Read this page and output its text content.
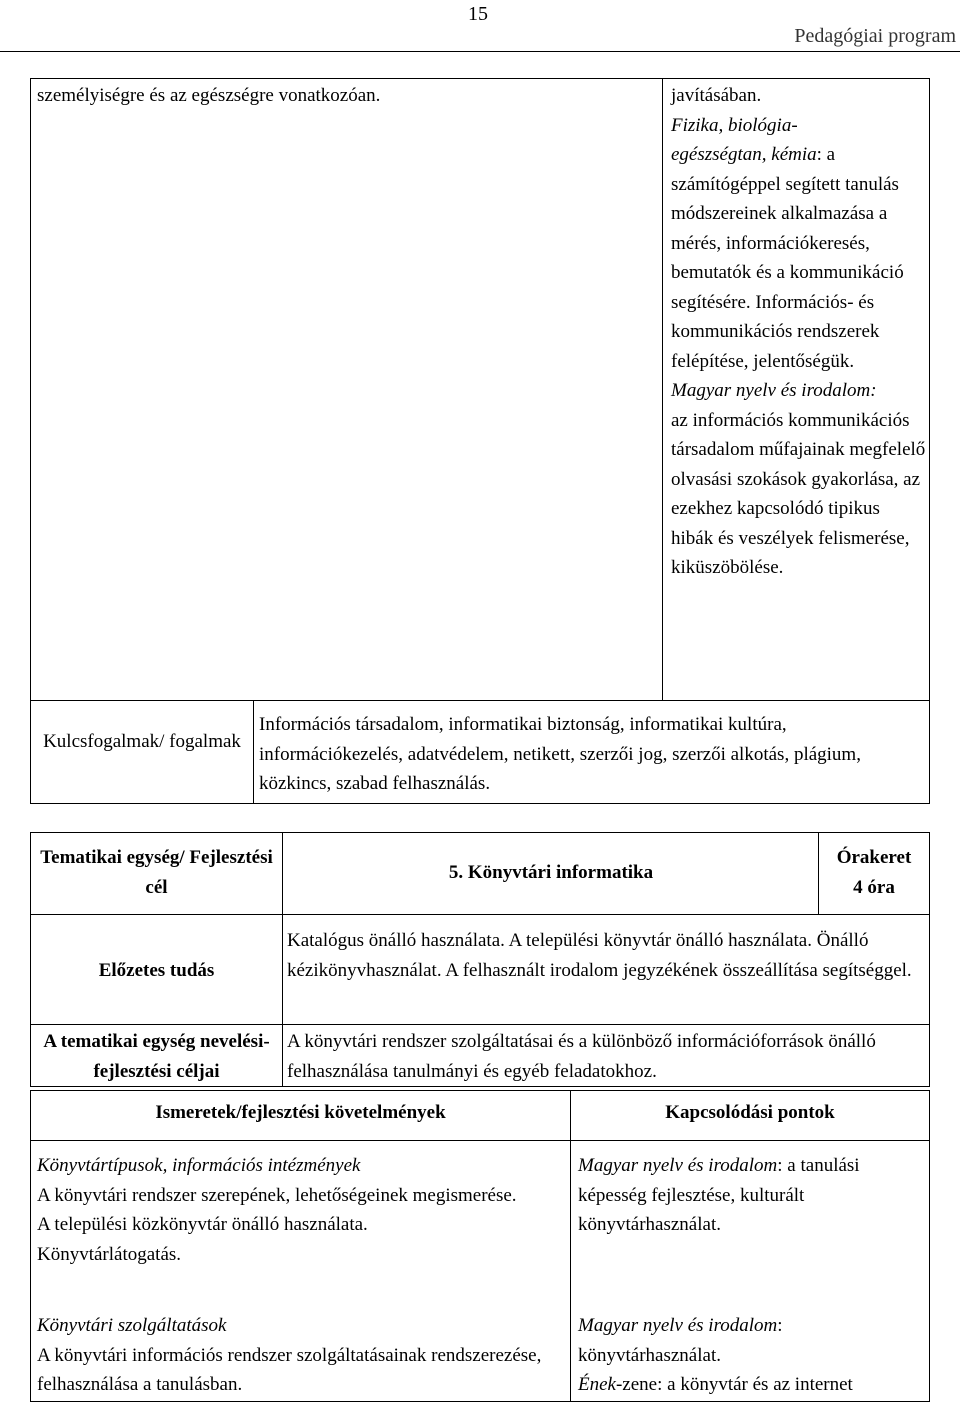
15
Pedagógiai program
személyiségre és az egészségre vonatkozóan.	javításában.
Fizika, biológia-
egészségtan, kémia: a
számítógéppel segített tanulás módszereinek alkalmazása a mérés, információkeresés, bemutatók és a kommunikáció segítésére. Információs- és kommunikációs rendszerek felépítése, jelentőségük.
Magyar nyelv és irodalom:
az információs kommunikációs társadalom műfajainak megfelelő olvasási szokások gyakorlása, az ezekhez kapcsolódó tipikus hibák és veszélyek felismerése, kiküszöbölése.
Kulcsfogalmak/ fogalmak
Információs társadalom, informatikai biztonság, informatikai kultúra, információkezelés, adatvédelem, netikett, szerzői jog, szerzői alkotás, plágium, közkincs, szabad felhasználás.
Tematikai egység/ Fejlesztési cél
5. Könyvtári informatika
Órakeret
4 óra
Előzetes tudás
Katalógus önálló használata. A települési könyvtár önálló használata. Önálló kézikönyvhasználat. A felhasznált irodalom jegyzékének összeállítása segítséggel.
A tematikai egység nevelési-fejlesztési céljai
A könyvtári rendszer szolgáltatásai és a különböző információforrások önálló felhasználása tanulmányi és egyéb feladatokhoz.
Ismeretek/fejlesztési követelmények	Kapcsolódási pontok
Könyvtártípusok, információs intézmények
A könyvtári rendszer szerepének, lehetőségeinek megismerése.
A települési közkönyvtár önálló használata.
Könyvtárlátogatás.
Magyar nyelv és irodalom: a tanulási képesség fejlesztése, kulturált könyvtárhasználat.
Könyvtári szolgáltatások
A könyvtári információs rendszer szolgáltatásainak rendszerezése, felhasználása a tanulásban.
Magyar nyelv és irodalom: könyvtárhasználat.
Ének-zene: a könyvtár és az internet
